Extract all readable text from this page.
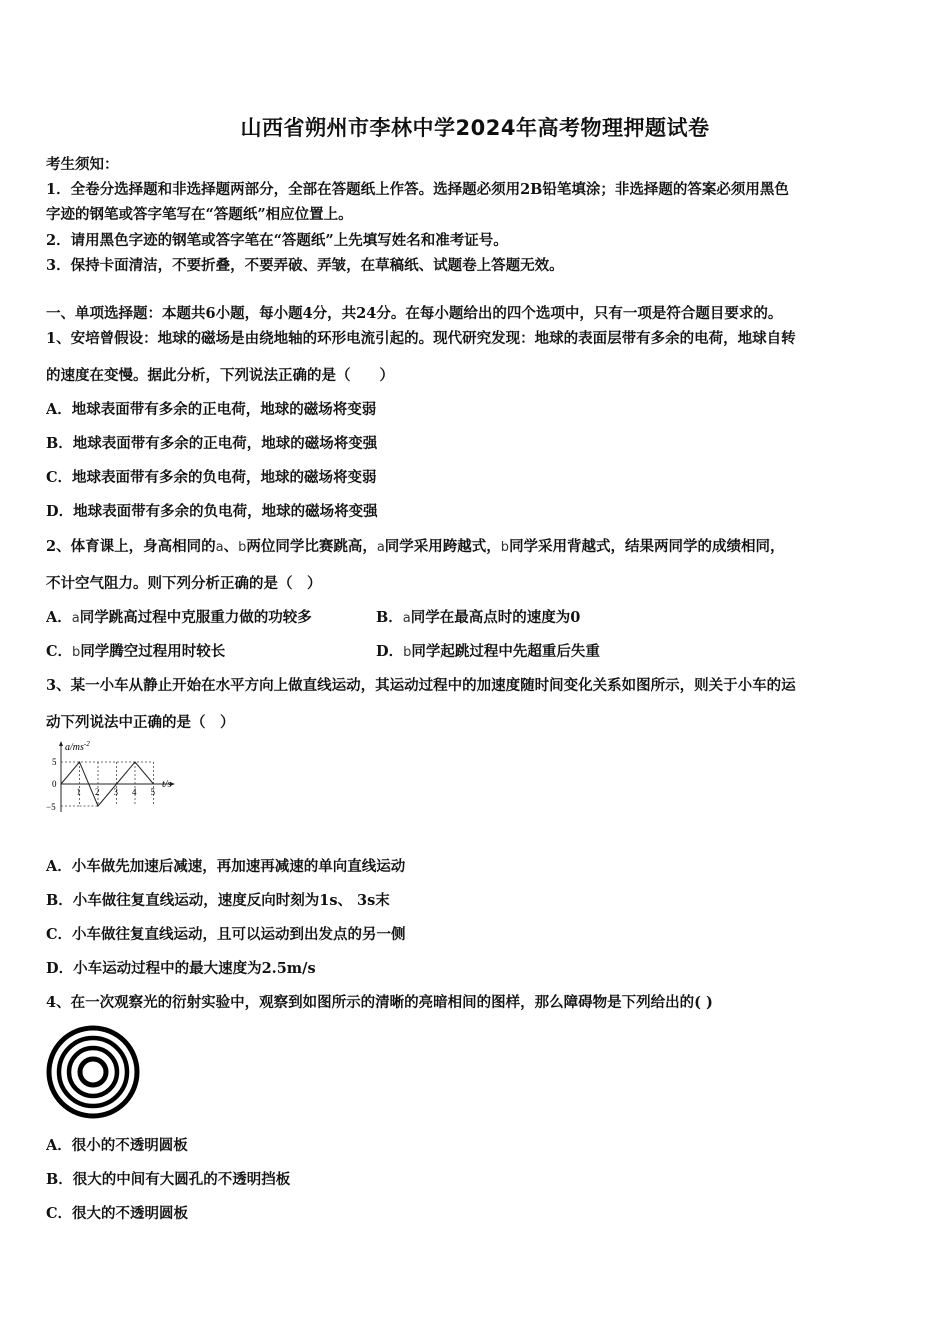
山西省朔州市李林中学2024年高考物理押题试卷
考生须知：
1．全卷分选择题和非选择题两部分，全部在答题纸上作答。选择题必须用2B铅笔填涂；非选择题的答案必须用黑色
字迹的钢笔或答字笔写在“答题纸”相应位置上。
2．请用黑色字迹的钢笔或答字笔在“答题纸”上先填写姓名和准考证号。
3．保持卡面清洁，不要折叠，不要弄破、弄皱，在草稿纸、试题卷上答题无效。
一、单项选择题：本题共6小题，每小题4分，共24分。在每小题给出的四个选项中，只有一项是符合题目要求的。
1、安培曾假设：地球的磁场是由绕地轴的环形电流引起的。现代研究发现：地球的表面层带有多余的电荷，地球自转
的速度在变慢。据此分析，下列说法正确的是（　　）
A．地球表面带有多余的正电荷，地球的磁场将变弱
B．地球表面带有多余的正电荷，地球的磁场将变强
C．地球表面带有多余的负电荷，地球的磁场将变弱
D．地球表面带有多余的负电荷，地球的磁场将变强
2、体育课上，身高相同的a、b两位同学比赛跳高，a同学采用跨越式，b同学采用背越式，结果两同学的成绩相同，
不计空气阻力。则下列分析正确的是（　）
A．a同学跳高过程中克服重力做的功较多	B．a同学在最高点时的速度为0
C．b同学腾空过程用时较长	D．b同学起跳过程中先超重后失重
3、某一小车从静止开始在水平方向上做直线运动，其运动过程中的加速度随时间变化关系如图所示，则关于小车的运
动下列说法中正确的是（　）
$a/ms^{-2}$
t/s
5
0
−5
1 2 3 4 5
A．小车做先加速后减速，再加速再减速的单向直线运动
B．小车做往复直线运动，速度反向时刻为1s、 3s末
C．小车做往复直线运动，且可以运动到出发点的另一侧
D．小车运动过程中的最大速度为2.5m/s
4、在一次观察光的衍射实验中，观察到如图所示的清晰的亮暗相间的图样，那么障碍物是下列给出的( )
A．很小的不透明圆板
B．很大的中间有大圆孔的不透明挡板
C．很大的不透明圆板
